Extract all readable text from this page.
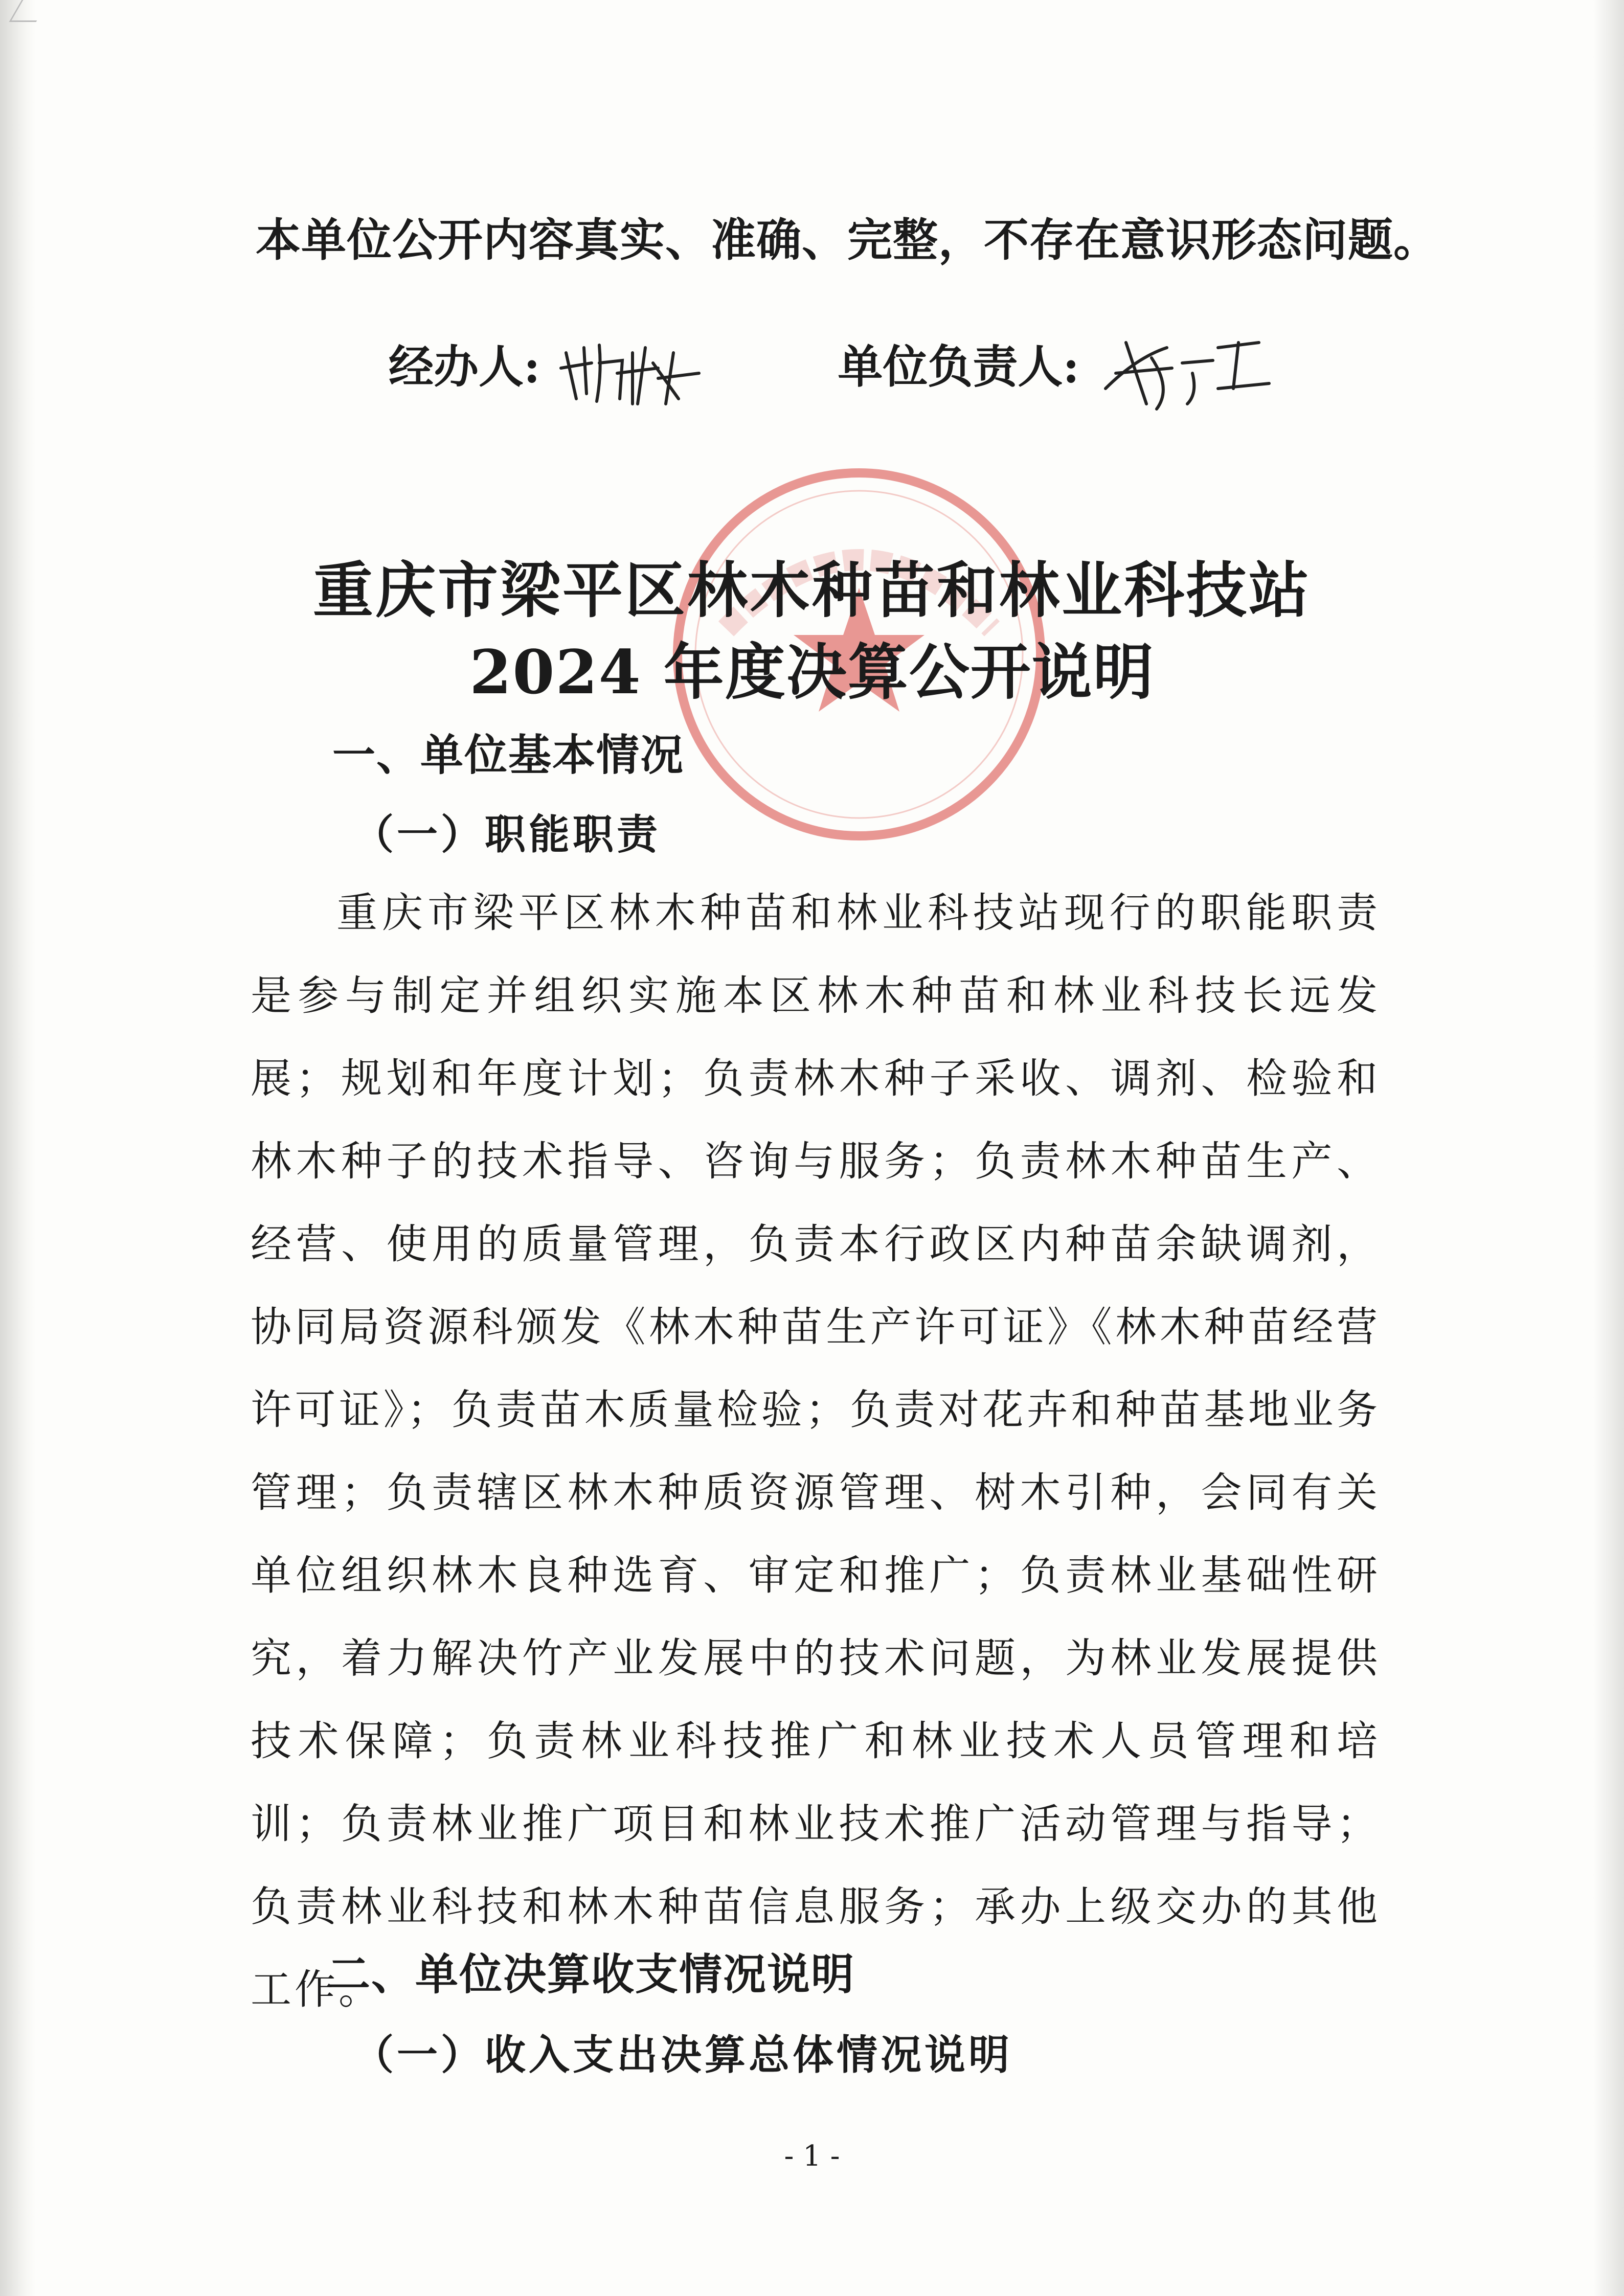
本单位公开内容真实、准确、完整，不存在意识形态问题。
经办人:	单位负责人:
重庆市梁平区林木种苗和林业科技站
2024 年度决算公开说明
一、单位基本情况
（一）职能职责

重庆市梁平区林木种苗和林业科技站现行的职能职责是参与制定并组织实施本区林木种苗和林业科技长远发展；规划和年度计划；负责林木种子采收、调剂、检验和林木种子的技术指导、咨询与服务；负责林木种苗生产、经营、使用的质量管理，负责本行政区内种苗余缺调剂，协同局资源科颁发《林木种苗生产许可证》《林木种苗经营许可证》；负责苗木质量检验；负责对花卉和种苗基地业务管理；负责辖区林木种质资源管理、树木引种，会同有关单位组织林木良种选育、审定和推广；负责林业基础性研究，着力解决竹产业发展中的技术问题，为林业发展提供技术保障；负责林业科技推广和林业技术人员管理和培训；负责林业推广项目和林业技术推广活动管理与指导；负责林业科技和林木种苗信息服务；承办上级交办的其他工作。

二、单位决算收支情况说明
（一）收入支出决算总体情况说明
- 1 -
